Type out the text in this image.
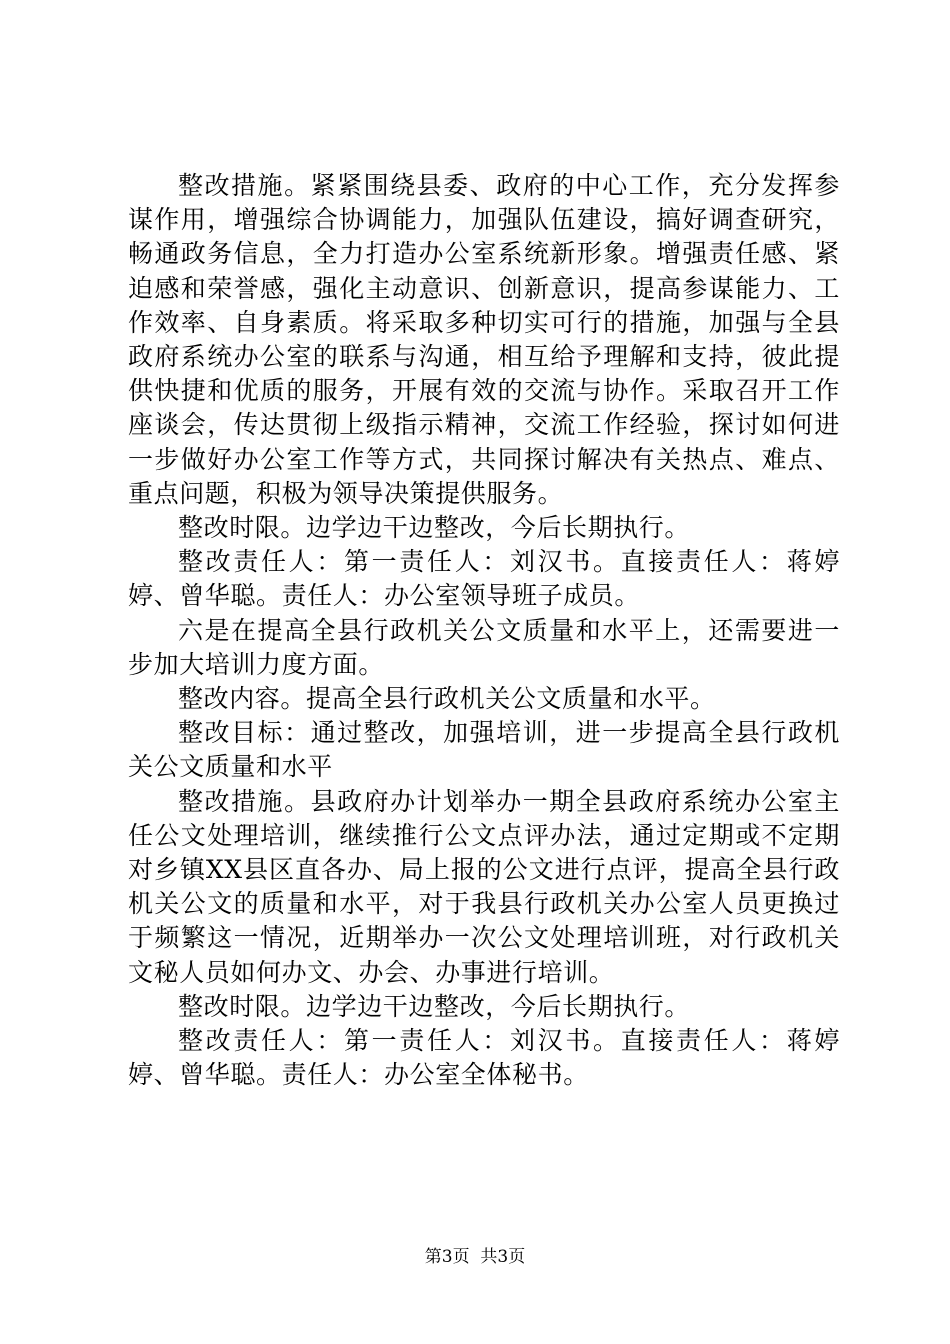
整改措施。紧紧围绕县委、政府的中心工作，充分发挥参谋作用，增强综合协调能力，加强队伍建设，搞好调查研究，畅通政务信息，全力打造办公室系统新形象。增强责任感、紧迫感和荣誉感，强化主动意识、创新意识，提高参谋能力、工作效率、自身素质。将采取多种切实可行的措施，加强与全县政府系统办公室的联系与沟通，相互给予理解和支持，彼此提供快捷和优质的服务，开展有效的交流与协作。采取召开工作座谈会，传达贯彻上级指示精神，交流工作经验，探讨如何进一步做好办公室工作等方式，共同探讨解决有关热点、难点、重点问题，积极为领导决策提供服务。

整改时限。边学边干边整改，今后长期执行。

整改责任人：第一责任人：刘汉书。直接责任人：蒋婷婷、曾华聪。责任人：办公室领导班子成员。

六是在提高全县行政机关公文质量和水平上，还需要进一步加大培训力度方面。

整改内容。提高全县行政机关公文质量和水平。

整改目标：通过整改，加强培训，进一步提高全县行政机关公文质量和水平

整改措施。县政府办计划举办一期全县政府系统办公室主任公文处理培训，继续推行公文点评办法，通过定期或不定期对乡镇XX县区直各办、局上报的公文进行点评，提高全县行政机关公文的质量和水平，对于我县行政机关办公室人员更换过于频繁这一情况，近期举办一次公文处理培训班，对行政机关文秘人员如何办文、办会、办事进行培训。

整改时限。边学边干边整改，今后长期执行。

整改责任人：第一责任人：刘汉书。直接责任人：蒋婷婷、曾华聪。责任人：办公室全体秘书。

第3页 共3页
